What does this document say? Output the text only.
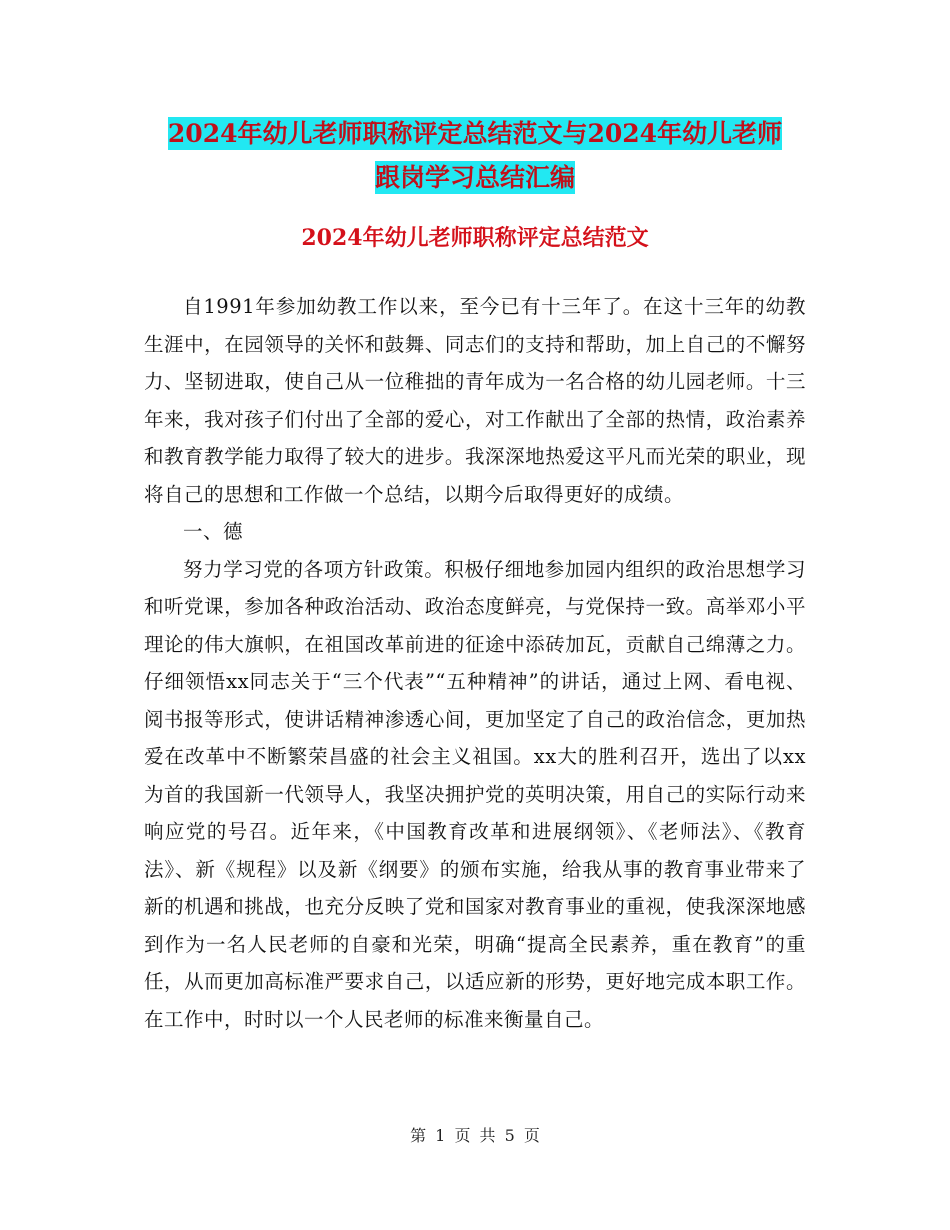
2024年幼儿老师职称评定总结范文与2024年幼儿老师
跟岗学习总结汇编
2024年幼儿老师职称评定总结范文

自1991年参加幼教工作以来，至今已有十三年了。在这十三年的幼教生涯中，在园领导的关怀和鼓舞、同志们的支持和帮助，加上自己的不懈努力、坚韧进取，使自己从一位稚拙的青年成为一名合格的幼儿园老师。十三年来，我对孩子们付出了全部的爱心，对工作献出了全部的热情，政治素养和教育教学能力取得了较大的进步。我深深地热爱这平凡而光荣的职业，现将自己的思想和工作做一个总结，以期今后取得更好的成绩。

一、德

努力学习党的各项方针政策。积极仔细地参加园内组织的政治思想学习和听党课，参加各种政治活动、政治态度鲜亮，与党保持一致。高举邓小平理论的伟大旗帜，在祖国改革前进的征途中添砖加瓦，贡献自己绵薄之力。仔细领悟xx同志关于“三个代表”“五种精神”的讲话，通过上网、看电视、阅书报等形式，使讲话精神渗透心间，更加坚定了自己的政治信念，更加热爱在改革中不断繁荣昌盛的社会主义祖国。xx大的胜利召开，选出了以xx为首的我国新一代领导人，我坚决拥护党的英明决策，用自己的实际行动来响应党的号召。近年来，《中国教育改革和进展纲领》、《老师法》、《教育法》、新《规程》以及新《纲要》的颁布实施，给我从事的教育事业带来了新的机遇和挑战，也充分反映了党和国家对教育事业的重视，使我深深地感到作为一名人民老师的自豪和光荣，明确“提高全民素养，重在教育”的重任，从而更加高标准严要求自己，以适应新的形势，更好地完成本职工作。在工作中，时时以一个人民老师的标准来衡量自己。

第 1 页 共 5 页
